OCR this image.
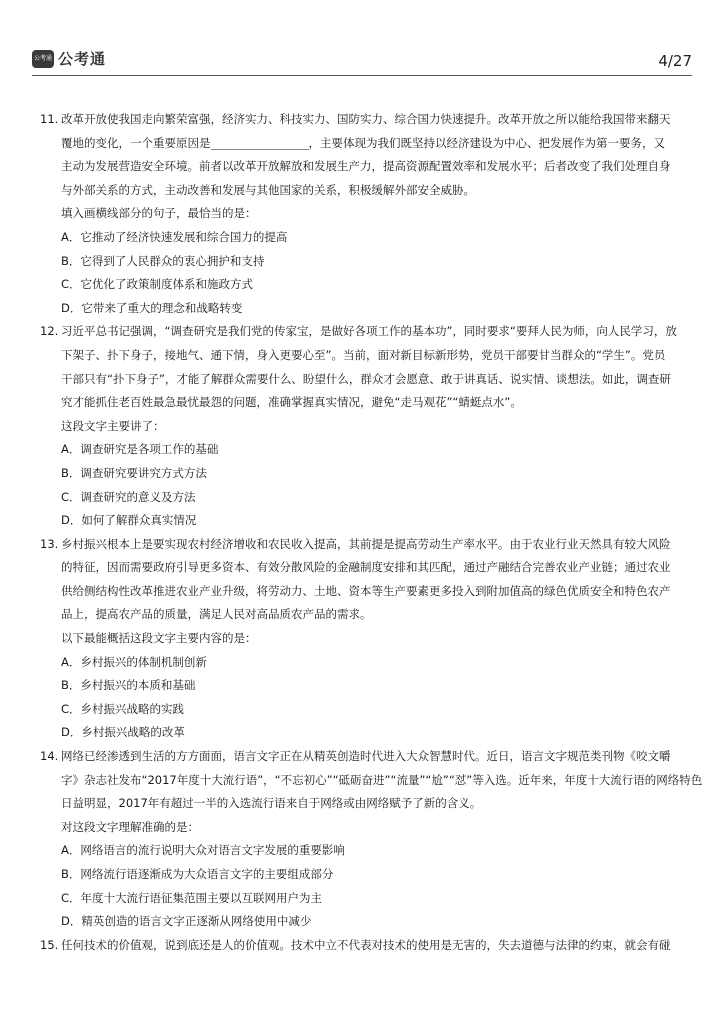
公考通 公考通	4/27
11. 改革开放使我国走向繁荣富强，经济实力、科技实力、国防实力、综合国力快速提升。改革开放之所以能给我国带来翻天
覆地的变化，一个重要原因是	，主要体现为我们既坚持以经济建设为中心、把发展作为第一要务，又
主动为发展营造安全环境。前者以改革开放解放和发展生产力，提高资源配置效率和发展水平；后者改变了我们处理自身
与外部关系的方式，主动改善和发展与其他国家的关系，积极缓解外部安全威胁。
填入画横线部分的句子，最恰当的是：
A．它推动了经济快速发展和综合国力的提高
B．它得到了人民群众的衷心拥护和支持
C．它优化了政策制度体系和施政方式
D．它带来了重大的理念和战略转变
12. 习近平总书记强调，“调查研究是我们党的传家宝，是做好各项工作的基本功”，同时要求“要拜人民为师，向人民学习，放
下架子、扑下身子，接地气、通下情，身入更要心至”。当前，面对新目标新形势，党员干部要甘当群众的“学生”。党员
干部只有“扑下身子”，才能了解群众需要什么、盼望什么，群众才会愿意、敢于讲真话、说实情、谈想法。如此，调查研
究才能抓住老百姓最急最忧最怨的问题，准确掌握真实情况，避免“走马观花”“蜻蜓点水”。
这段文字主要讲了：
A．调查研究是各项工作的基础
B．调查研究要讲究方式方法
C．调查研究的意义及方法
D．如何了解群众真实情况
13. 乡村振兴根本上是要实现农村经济增收和农民收入提高，其前提是提高劳动生产率水平。由于农业行业天然具有较大风险
的特征，因而需要政府引导更多资本、有效分散风险的金融制度安排和其匹配，通过产融结合完善农业产业链；通过农业
供给侧结构性改革推进农业产业升级，将劳动力、土地、资本等生产要素更多投入到附加值高的绿色优质安全和特色农产
品上，提高农产品的质量，满足人民对高品质农产品的需求。
以下最能概括这段文字主要内容的是：
A．乡村振兴的体制机制创新
B．乡村振兴的本质和基础
C．乡村振兴战略的实践
D．乡村振兴战略的改革
14. 网络已经渗透到生活的方方面面，语言文字正在从精英创造时代进入大众智慧时代。近日，语言文字规范类刊物《咬文嚼
字》杂志社发布“2017年度十大流行语”，“不忘初心”“砥砺奋进”“流量”“尬”“怼”等入选。近年来，年度十大流行语的网络特色
日益明显，2017年有超过一半的入选流行语来自于网络或由网络赋予了新的含义。
对这段文字理解准确的是：
A．网络语言的流行说明大众对语言文字发展的重要影响
B．网络流行语逐渐成为大众语言文字的主要组成部分
C．年度十大流行语征集范围主要以互联网用户为主
D．精英创造的语言文字正逐渐从网络使用中减少
15. 任何技术的价值观，说到底还是人的价值观。技术中立不代表对技术的使用是无害的，失去道德与法律的约束，就会有碰
